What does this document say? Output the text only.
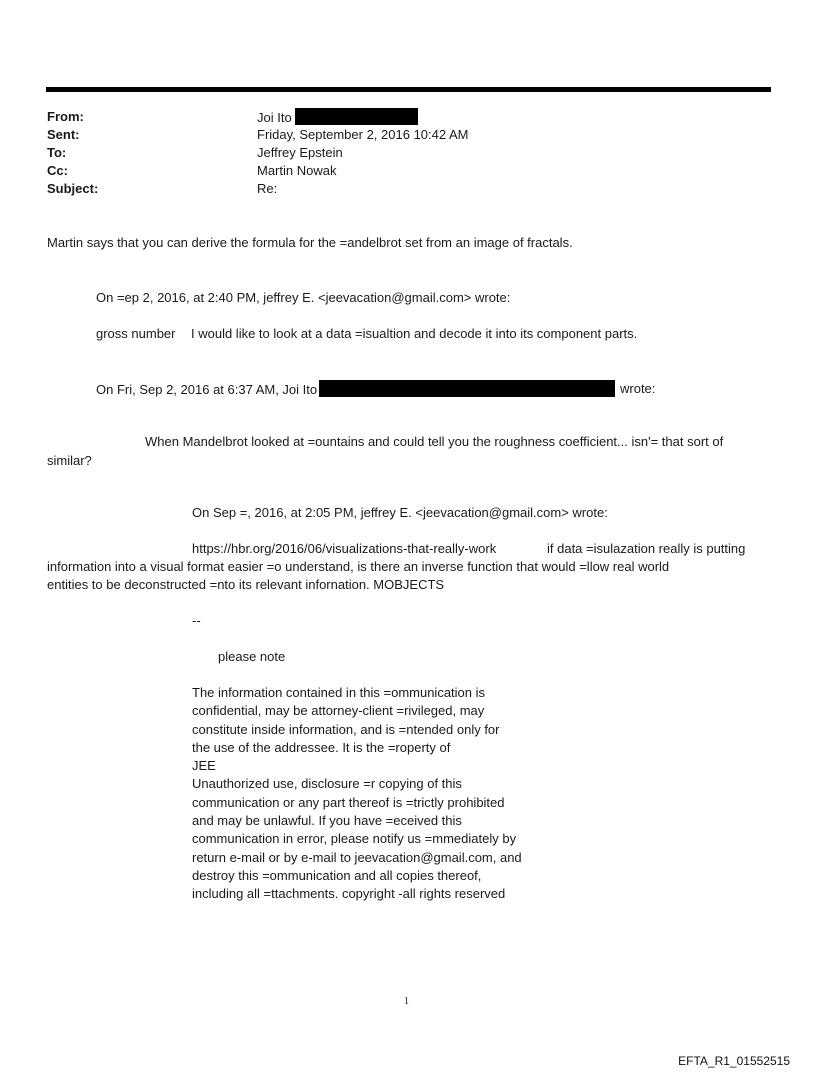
From:
Sent:
To:
Cc:
Subject:
Joi Ito
Friday, September 2, 2016 10:42 AM
Jeffrey Epstein
Martin Nowak
Re:
Martin says that you can derive the formula for the =andelbrot set from an image of fractals.
On =ep 2, 2016, at 2:40 PM, jeffrey E. <jeevacation@gmail.com> wrote:
gross number I would like to look at a data =isualtion and decode it into its component parts.
On Fri, Sep 2, 2016 at 6:37 AM, Joi Ito	wrote:
When Mandelbrot looked at =ountains and could tell you the roughness coefficient... isn'= that sort of
similar?
On Sep =, 2016, at 2:05 PM, jeffrey E. <jeevacation@gmail.com> wrote:
https://hbr.org/2016/06/visualizations-that-really-work	if data =isulazation really is putting
information into a visual format easier =o understand, is there an inverse function that would =llow real world
entities to be deconstructed =nto its relevant infornation. MOBJECTS
--
please note
The information contained in this =ommunication is
confidential, may be attorney-client =rivileged, may
constitute inside information, and is =ntended only for
the use of the addressee. It is the =roperty of
JEE
Unauthorized use, disclosure =r copying of this
communication or any part thereof is =trictly prohibited
and may be unlawful. If you have =eceived this
communication in error, please notify us =mmediately by
return e-mail or by e-mail to jeevacation@gmail.com, and
destroy this =ommunication and all copies thereof,
including all =ttachments. copyright -all rights reserved
1
EFTA_R1_01552515
